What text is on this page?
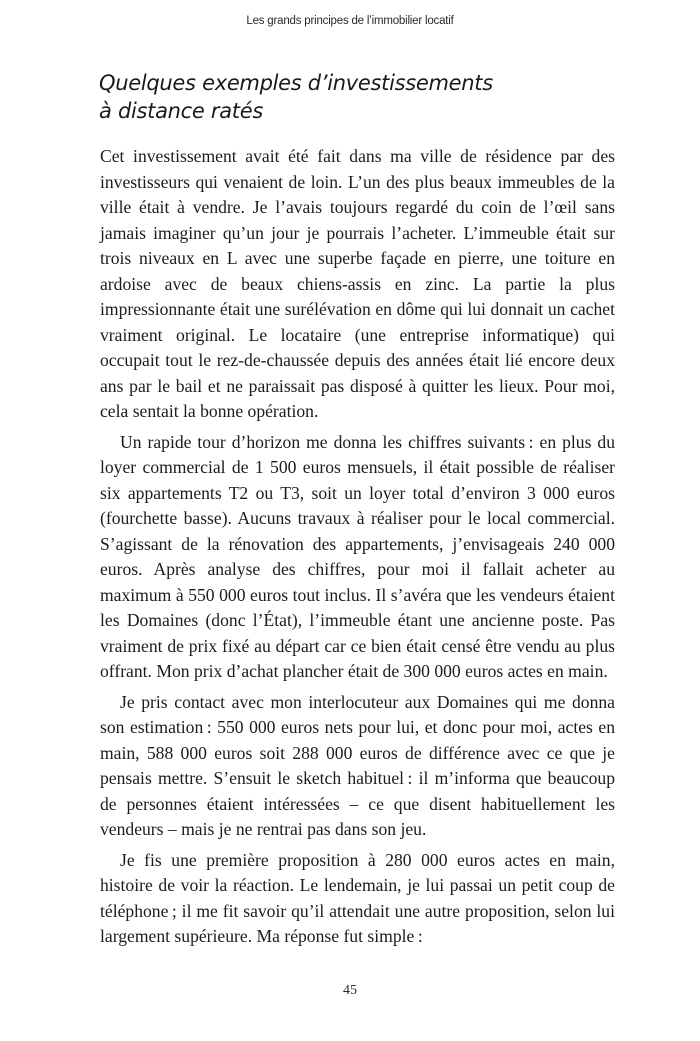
Les grands principes de l’immobilier locatif
Quelques exemples d’investissements
à distance ratés

Cet investissement avait été fait dans ma ville de résidence par des investisseurs qui venaient de loin. L’un des plus beaux immeubles de la ville était à vendre. Je l’avais toujours regardé du coin de l’œil sans jamais imaginer qu’un jour je pourrais l’acheter. L’immeuble était sur trois niveaux en L avec une superbe façade en pierre, une toiture en ardoise avec de beaux chiens-assis en zinc. La partie la plus impressionnante était une surélévation en dôme qui lui donnait un cachet vraiment original. Le locataire (une entreprise informatique) qui occupait tout le rez-de-chaussée depuis des années était lié encore deux ans par le bail et ne paraissait pas disposé à quitter les lieux. Pour moi, cela sentait la bonne opération.

Un rapide tour d’horizon me donna les chiffres suivants : en plus du loyer commercial de 1 500 euros mensuels, il était possible de réaliser six appartements T2 ou T3, soit un loyer total d’environ 3 000 euros (fourchette basse). Aucuns travaux à réaliser pour le local commercial. S’agissant de la rénovation des appartements, j’envisageais 240 000 euros. Après analyse des chiffres, pour moi il fallait acheter au maximum à 550 000 euros tout inclus. Il s’avéra que les vendeurs étaient les Domaines (donc l’État), l’immeuble étant une ancienne poste. Pas vraiment de prix fixé au départ car ce bien était censé être vendu au plus offrant. Mon prix d’achat plancher était de 300 000 euros actes en main.

Je pris contact avec mon interlocuteur aux Domaines qui me donna son estimation : 550 000 euros nets pour lui, et donc pour moi, actes en main, 588 000 euros soit 288 000 euros de différence avec ce que je pensais mettre. S’ensuit le sketch habituel : il m’informa que beaucoup de personnes étaient intéressées – ce que disent habituellement les vendeurs – mais je ne rentrai pas dans son jeu.

Je fis une première proposition à 280 000 euros actes en main, histoire de voir la réaction. Le lendemain, je lui passai un petit coup de téléphone ; il me fit savoir qu’il attendait une autre proposition, selon lui largement supérieure. Ma réponse fut simple :

45
